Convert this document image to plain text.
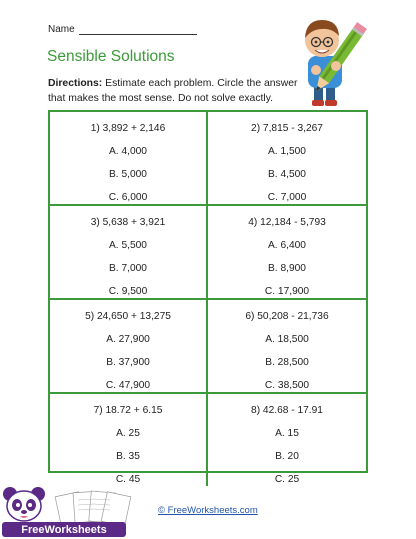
Name
Sensible Solutions
Directions: Estimate each problem. Circle the answer that makes the most sense. Do not solve exactly.
1) 3,892 + 2,146
A. 4,000
B. 5,000
C. 6,000
2) 7,815 - 3,267
A. 1,500
B. 4,500
C. 7,000
3) 5,638 + 3,921
A. 5,500
B. 7,000
C. 9,500
4) 12,184 - 5,793
A. 6,400
B. 8,900
C. 17,900
5) 24,650 + 13,275
A. 27,900
B. 37,900
C. 47,900
6) 50,208 - 21,736
A. 18,500
B. 28,500
C. 38,500
7) 18.72 + 6.15
A. 25
B. 35
C. 45
8) 42.68 - 17.91
A. 15
B. 20
C. 25
FreeWorksheets
© FreeWorksheets.com
